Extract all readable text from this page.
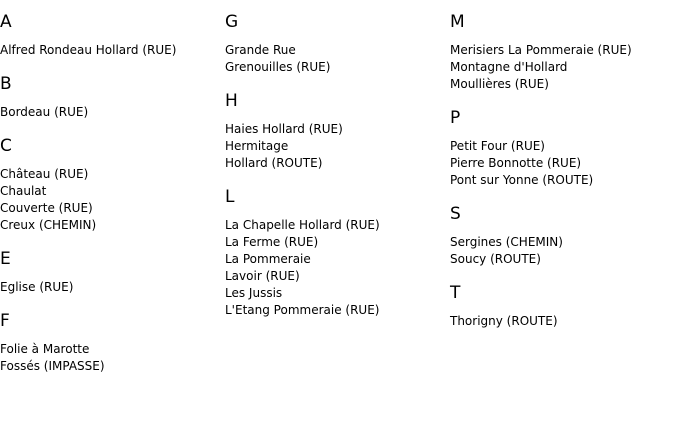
A
Alfred Rondeau Hollard (RUE)
B
Bordeau (RUE)
C
Château (RUE)
Chaulat
Couverte (RUE)
Creux (CHEMIN)
E
Eglise (RUE)
F
Folie à Marotte
Fossés (IMPASSE)
G
Grande Rue
Grenouilles (RUE)
H
Haies Hollard (RUE)
Hermitage
Hollard (ROUTE)
L
La Chapelle Hollard (RUE)
La Ferme (RUE)
La Pommeraie
Lavoir (RUE)
Les Jussis
L'Etang Pommeraie (RUE)
M
Merisiers La Pommeraie (RUE)
Montagne d'Hollard
Moullières (RUE)
P
Petit Four (RUE)
Pierre Bonnotte (RUE)
Pont sur Yonne (ROUTE)
S
Sergines (CHEMIN)
Soucy (ROUTE)
T
Thorigny (ROUTE)
